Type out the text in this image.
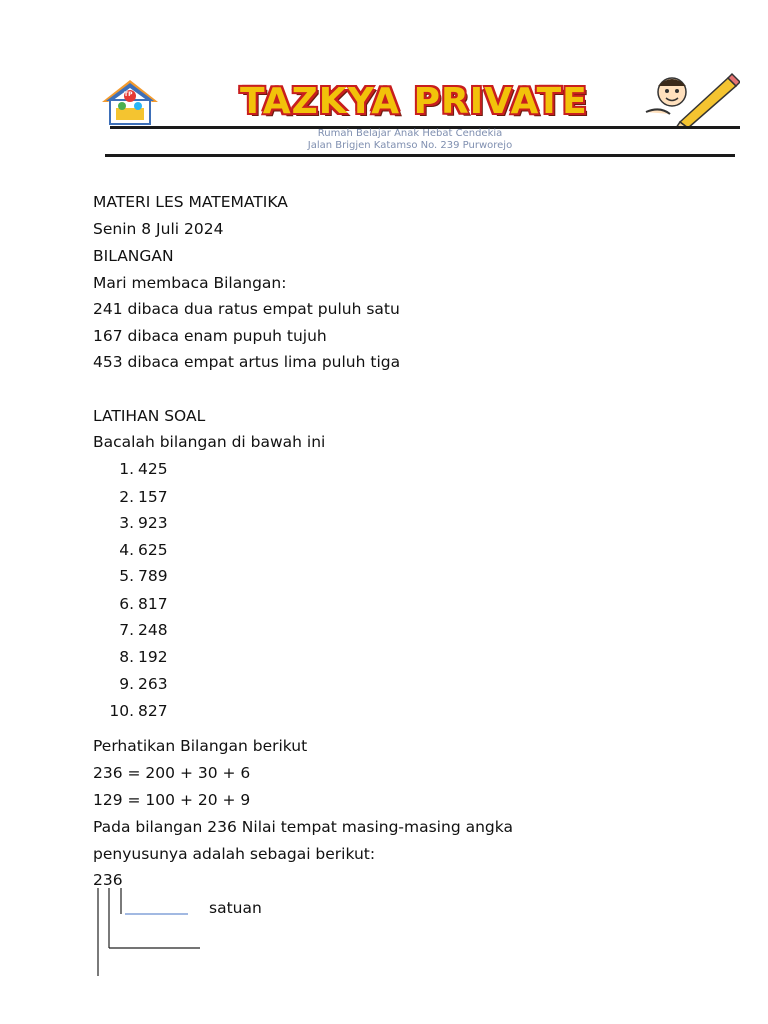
TP	TAZKYA PRIVATE
Rumah Belajar Anak Hebat Cendekia
Jalan Brigjen Katamso No. 239 Purworejo
MATERI LES MATEMATIKA
Senin 8 Juli 2024
BILANGAN
Mari membaca Bilangan:
241 dibaca dua ratus empat puluh satu
167 dibaca enam pupuh tujuh
453 dibaca empat artus lima puluh tiga
LATIHAN SOAL
Bacalah bilangan di bawah ini
1. 425
2. 157
3. 923
4. 625
5. 789
6. 817
7. 248
8. 192
9. 263
10. 827
Perhatikan Bilangan berikut
236 = 200 + 30 + 6
129 = 100 + 20 + 9
Pada bilangan 236 Nilai tempat masing-masing angka
penyusunya adalah sebagai berikut:
236
satuan
